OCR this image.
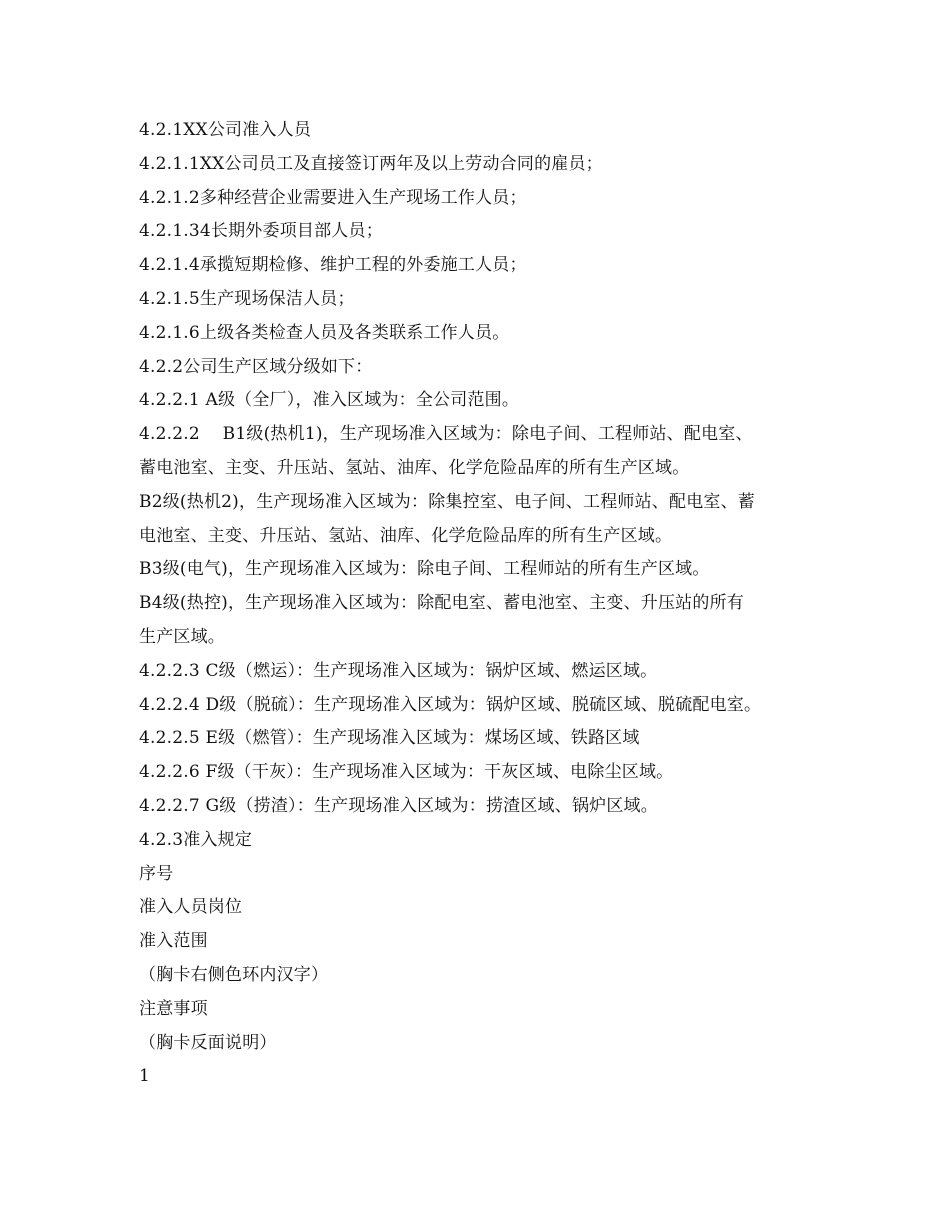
4.2.1XX公司准入人员
4.2.1.1XX公司员工及直接签订两年及以上劳动合同的雇员；
4.2.1.2多种经营企业需要进入生产现场工作人员；
4.2.1.34长期外委项目部人员；
4.2.1.4承揽短期检修、维护工程的外委施工人员；
4.2.1.5生产现场保洁人员；
4.2.1.6上级各类检查人员及各类联系工作人员。
4.2.2公司生产区域分级如下：
4.2.2.1 A级（全厂），准入区域为：全公司范围。
4.2.2.2　 B1级(热机1)，生产现场准入区域为：除电子间、工程师站、配电室、
蓄电池室、主变、升压站、氢站、油库、化学危险品库的所有生产区域。
B2级(热机2)，生产现场准入区域为：除集控室、电子间、工程师站、配电室、蓄
电池室、主变、升压站、氢站、油库、化学危险品库的所有生产区域。
B3级(电气)，生产现场准入区域为：除电子间、工程师站的所有生产区域。
B4级(热控)，生产现场准入区域为：除配电室、蓄电池室、主变、升压站的所有
生产区域。
4.2.2.3 C级（燃运）：生产现场准入区域为：锅炉区域、燃运区域。
4.2.2.4 D级（脱硫）：生产现场准入区域为：锅炉区域、脱硫区域、脱硫配电室。
4.2.2.5 E级（燃管）：生产现场准入区域为：煤场区域、铁路区域
4.2.2.6 F级（干灰）：生产现场准入区域为：干灰区域、电除尘区域。
4.2.2.7 G级（捞渣）：生产现场准入区域为：捞渣区域、锅炉区域。
4.2.3准入规定
序号
准入人员岗位
准入范围
（胸卡右侧色环内汉字）
注意事项
（胸卡反面说明）
1
